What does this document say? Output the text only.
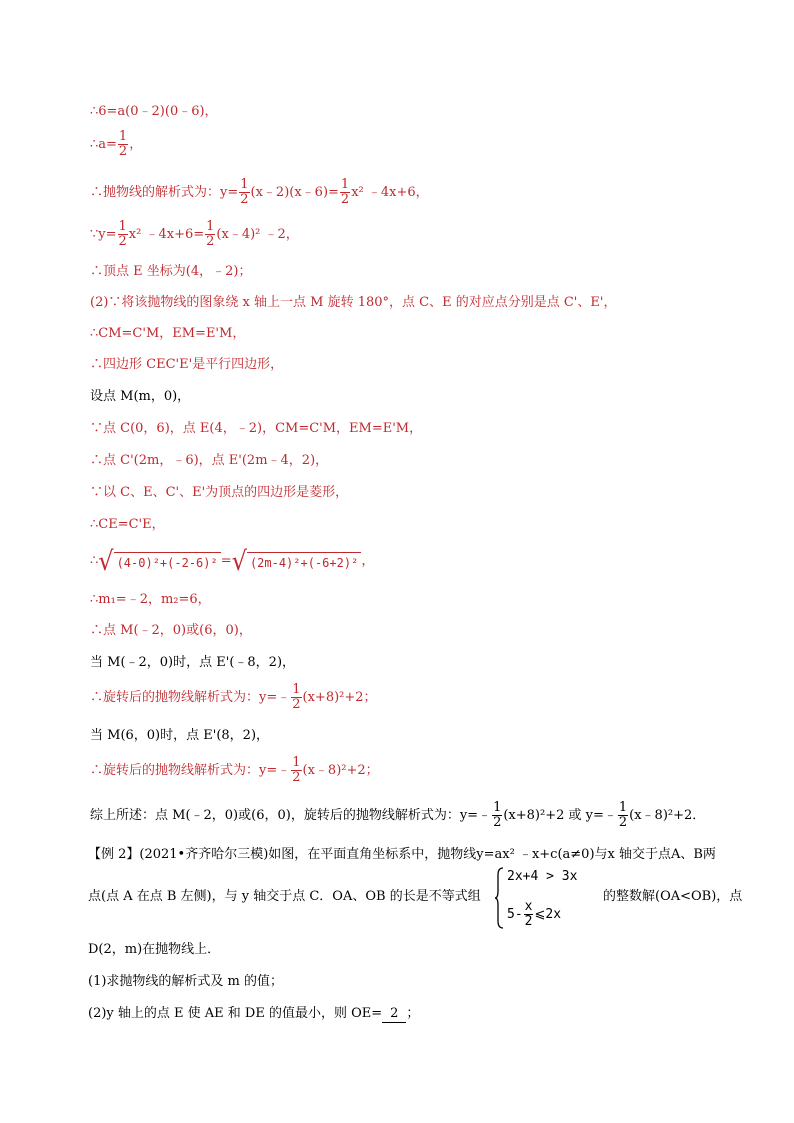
∴6=a(0﹣2)(0﹣6)，
∴a= $\frac{1}{2}$ ，
∴抛物线的解析式为：$y= \frac{1}{2}$ (x﹣2)(x﹣6)= $\frac{1}{2} x^2$ ﹣4x+6，
∵y= $\frac{1}{2} x^2$ ﹣4x+6= $\frac{1}{2}$ (x﹣4)² ﹣2，
∴顶点 E 坐标为(4，﹣2)；
(2)∵将该抛物线的图象绕 x 轴上一点 M 旋转 180°，点 C、E 的对应点分别是点 C'、E'，
∴CM=C'M，EM=E'M，
∴四边形 CEC'E'是平行四边形，
设点 M(m，0)，
∵点 C(0，6)，点 E(4，﹣2)，CM=C'M，EM=E'M，
∴点 C'(2m，﹣6)，点 E'(2m﹣4，2)，
∵以 C、E、C'、E'为顶点的四边形是菱形，
∴CE=C'E，
∴√ (4-0)²+(-2-6)² =√ (2m-4)²+(-6+2)² ，
∴m₁=﹣2，m₂=6，
∴点 M(﹣2，0)或(6，0)，
当 M(﹣2，0)时，点 E'(﹣8，2)，
∴旋转后的抛物线解析式为：y=﹣ $\frac{1}{2} (x+8)^2+2$；
当 M(6，0)时，点 E'(8，2)，
∴旋转后的抛物线解析式为：y=﹣ $\frac{1}{2}$ (x﹣8)²+2；
综上所述：点 M(﹣2，0)或(6，0)，旋转后的抛物线解析式为：y=﹣ $\frac{1}{2} (x+8)^2+2$ 或 y=﹣ $\frac{1}{2}$ (x﹣8)²+2．
【例 2】(2021•齐齐哈尔三模)如图，在平面直角坐标系中，抛物线y=ax² ﹣x+c(a≠0)与x 轴交于点A、B两
点(点 A 在点 B 左侧)，与 y 轴交于点 C．OA、OB 的长是不等式组
2x+4 > 3x
$5- \frac{x}{2}$ ⩽2x
的整数解(OA<OB)，点
D(2，m)在抛物线上．
(1)求抛物线的解析式及 m 的值；
(2)y 轴上的点 E 使 AE 和 DE 的值最小，则 OE= 2 ；
